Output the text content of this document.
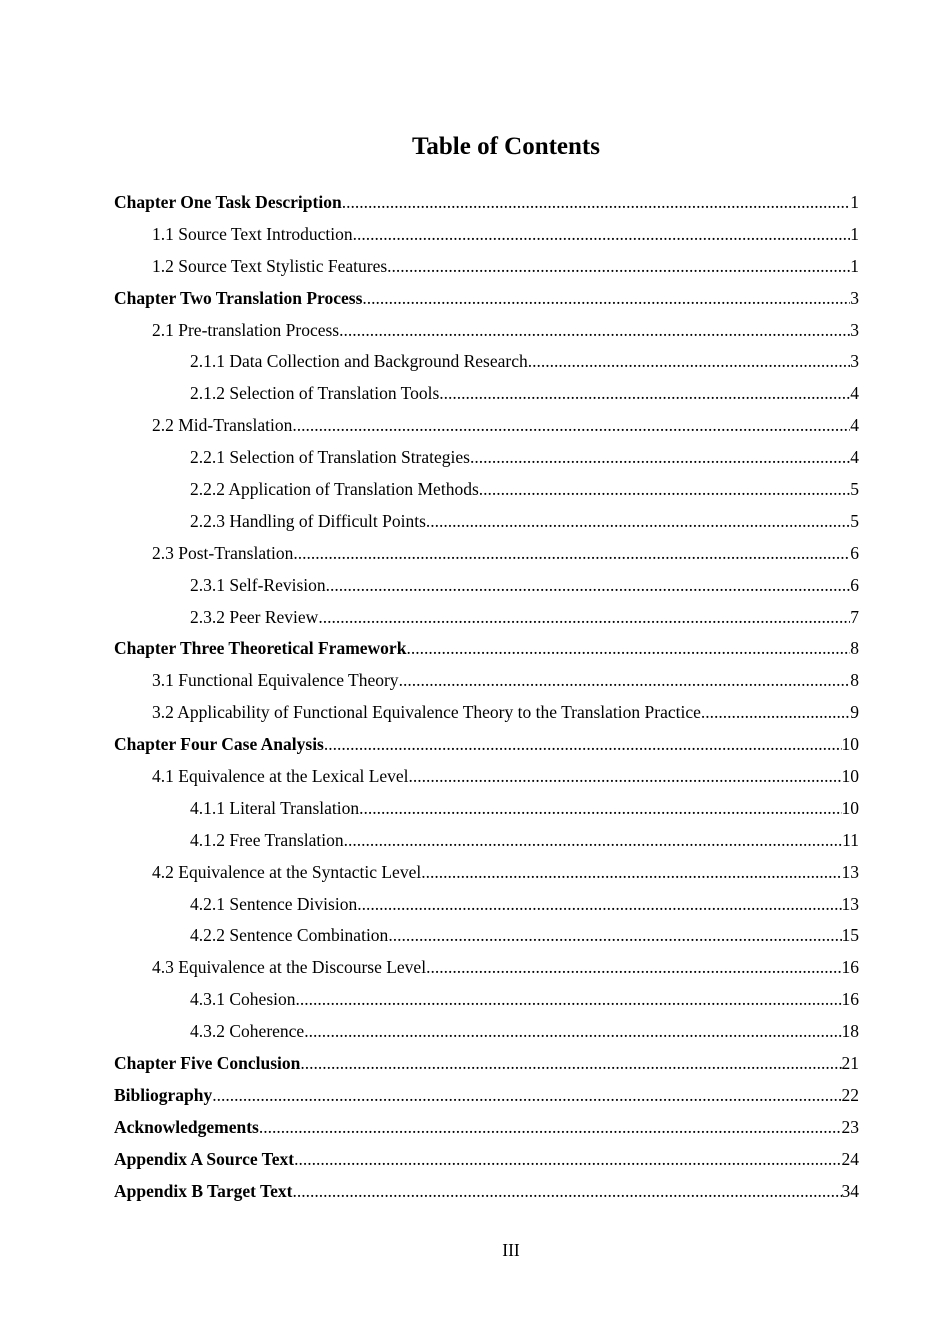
Table of Contents
Chapter One Task Description .....	1
1.1 Source Text Introduction .....	1
1.2 Source Text Stylistic Features .....	1
Chapter Two Translation Process .....	3
2.1 Pre-translation Process .....	3
2.1.1 Data Collection and Background Research .....	3
2.1.2 Selection of Translation Tools .....	4
2.2 Mid-Translation .....	4
2.2.1 Selection of Translation Strategies .....	4
2.2.2 Application of Translation Methods .....	5
2.2.3 Handling of Difficult Points .....	5
2.3 Post-Translation .....	6
2.3.1 Self-Revision .....	6
2.3.2 Peer Review .....	7
Chapter Three Theoretical Framework .....	8
3.1 Functional Equivalence Theory .....	8
3.2 Applicability of Functional Equivalence Theory to the Translation Practice .....	9
Chapter Four Case Analysis .....	10
4.1 Equivalence at the Lexical Level .....	10
4.1.1 Literal Translation .....	10
4.1.2 Free Translation .....	11
4.2 Equivalence at the Syntactic Level .....	13
4.2.1 Sentence Division .....	13
4.2.2 Sentence Combination .....	15
4.3 Equivalence at the Discourse Level .....	16
4.3.1 Cohesion .....	16
4.3.2 Coherence .....	18
Chapter Five Conclusion .....	21
Bibliography .....	22
Acknowledgements .....	23
Appendix A Source Text .....	24
Appendix B Target Text .....	34
III
